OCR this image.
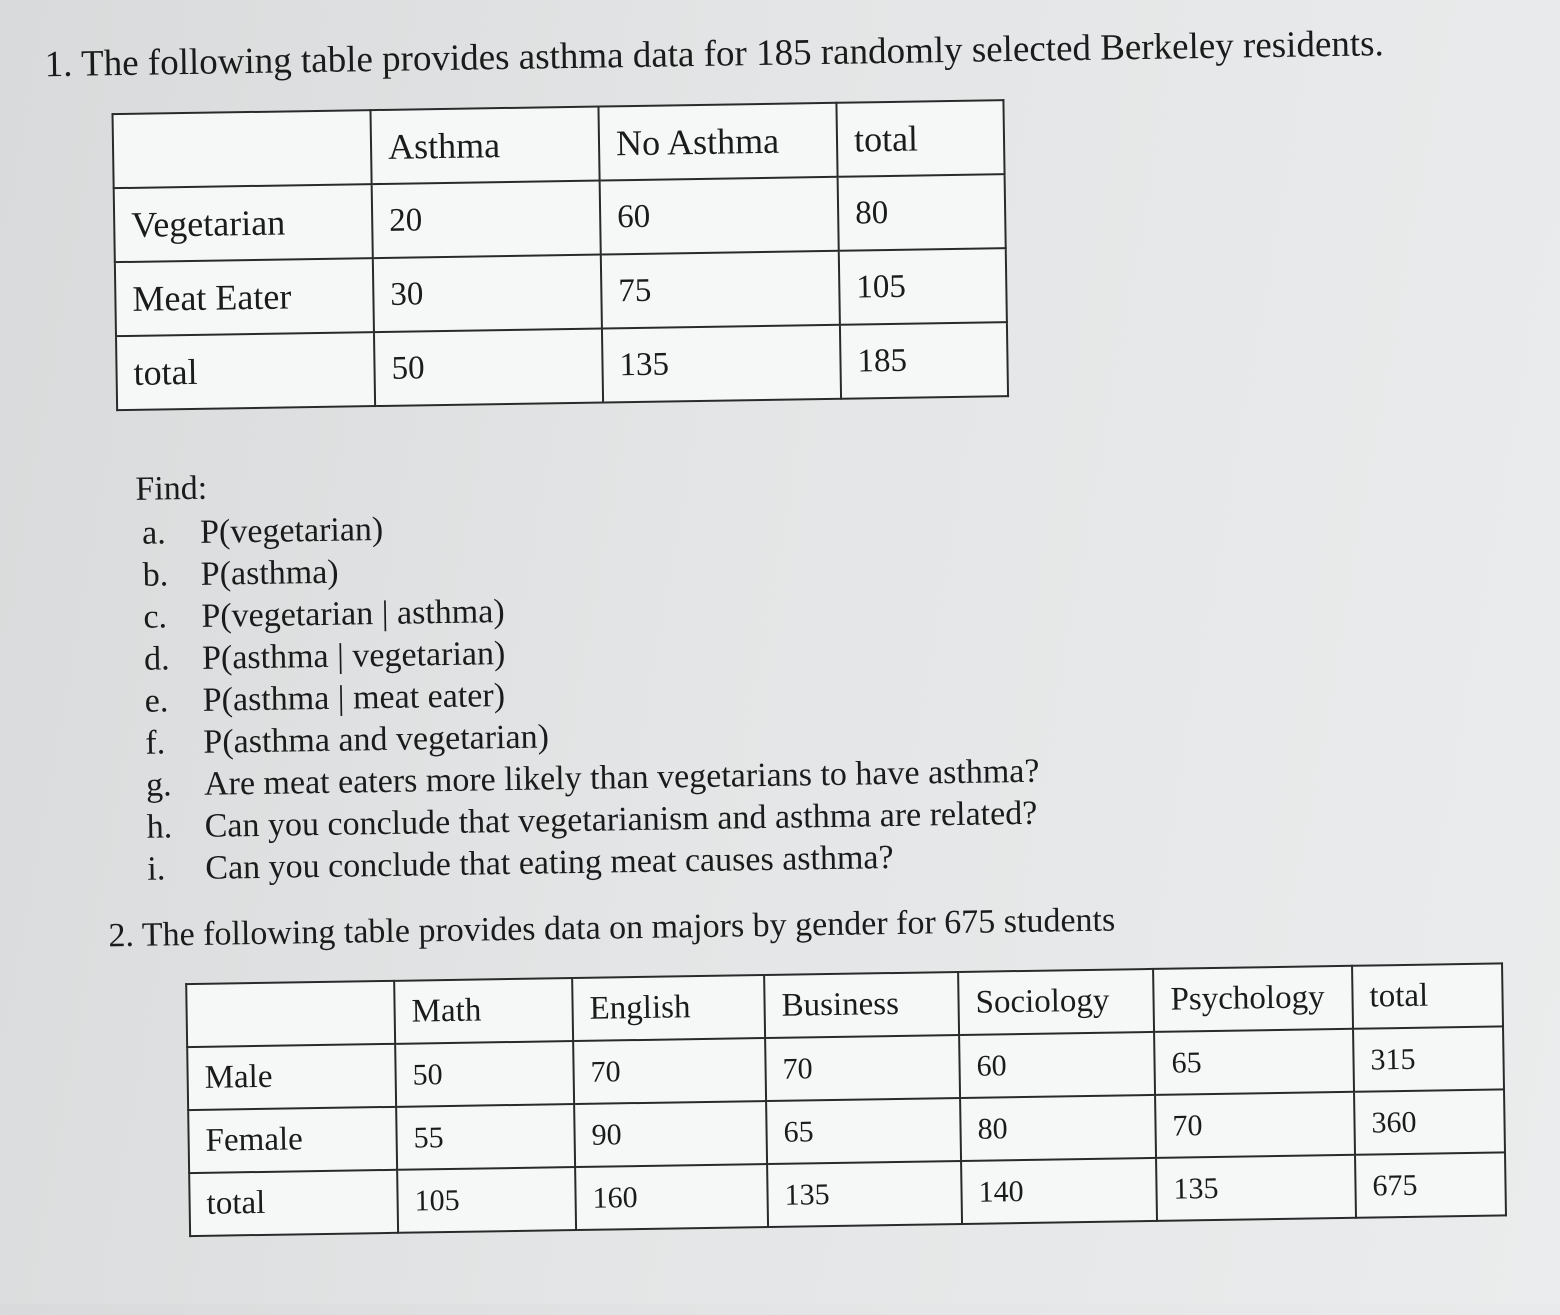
1. The following table provides asthma data for 185 randomly selected Berkeley residents.
	Asthma	No Asthma	total
Vegetarian	20	60	80
Meat Eater	30	75	105
total	50	135	185
Find:
a. P(vegetarian)
b. P(asthma)
c. P(vegetarian | asthma)
d. P(asthma | vegetarian)
e. P(asthma | meat eater)
f.	P(asthma and vegetarian)
g. Are meat eaters more likely than vegetarians to have asthma?
h. Can you conclude that vegetarianism and asthma are related?
i.	Can you conclude that eating meat causes asthma?
2. The following table provides data on majors by gender for 675 students
	Math	English	Business	Sociology	Psychology	total
Male	50	70	70	60	65	315
Female	55	90	65	80	70	360
total	105	160	135	140	135	675
